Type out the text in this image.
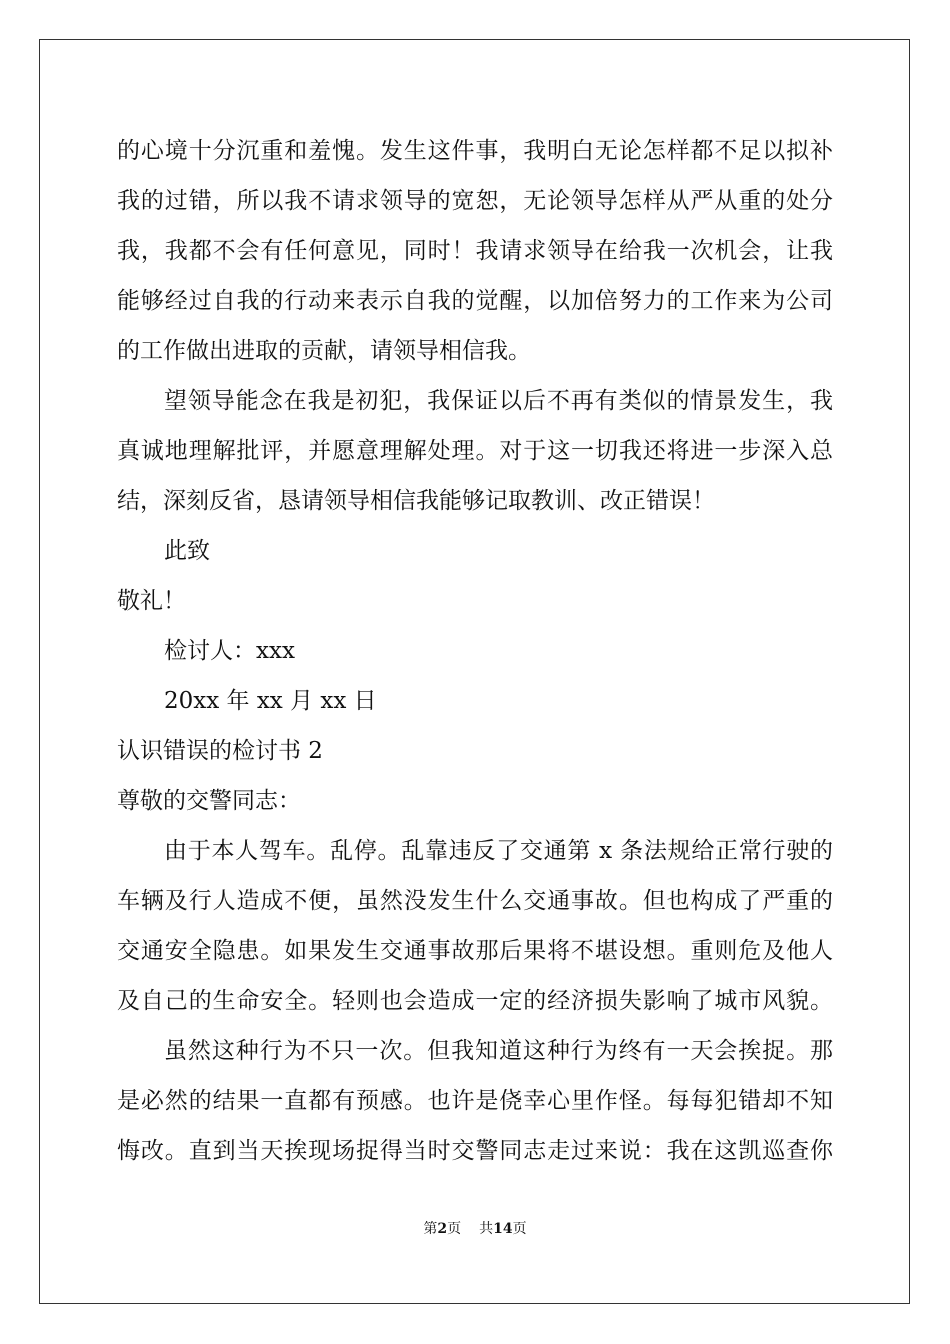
的心境十分沉重和羞愧。发生这件事，我明白无论怎样都不足以拟补
我的过错，所以我不请求领导的宽恕，无论领导怎样从严从重的处分
我，我都不会有任何意见，同时！我请求领导在给我一次机会，让我
能够经过自我的行动来表示自我的觉醒，以加倍努力的工作来为公司
的工作做出进取的贡献，请领导相信我。
望领导能念在我是初犯，我保证以后不再有类似的情景发生，我
真诚地理解批评，并愿意理解处理。对于这一切我还将进一步深入总
结，深刻反省，恳请领导相信我能够记取教训、改正错误！
此致
敬礼！
检讨人：xxx
20xx 年 xx 月 xx 日
认识错误的检讨书 2
尊敬的交警同志：
由于本人驾车。乱停。乱靠违反了交通第 x 条法规给正常行驶的
车辆及行人造成不便，虽然没发生什么交通事故。但也构成了严重的
交通安全隐患。如果发生交通事故那后果将不堪设想。重则危及他人
及自己的生命安全。轻则也会造成一定的经济损失影响了城市风貌。
虽然这种行为不只一次。但我知道这种行为终有一天会挨捉。那
是必然的结果一直都有预感。也许是侥幸心里作怪。每每犯错却不知
悔改。直到当天挨现场捉得当时交警同志走过来说：我在这凯巡查你
第2页 共14页
